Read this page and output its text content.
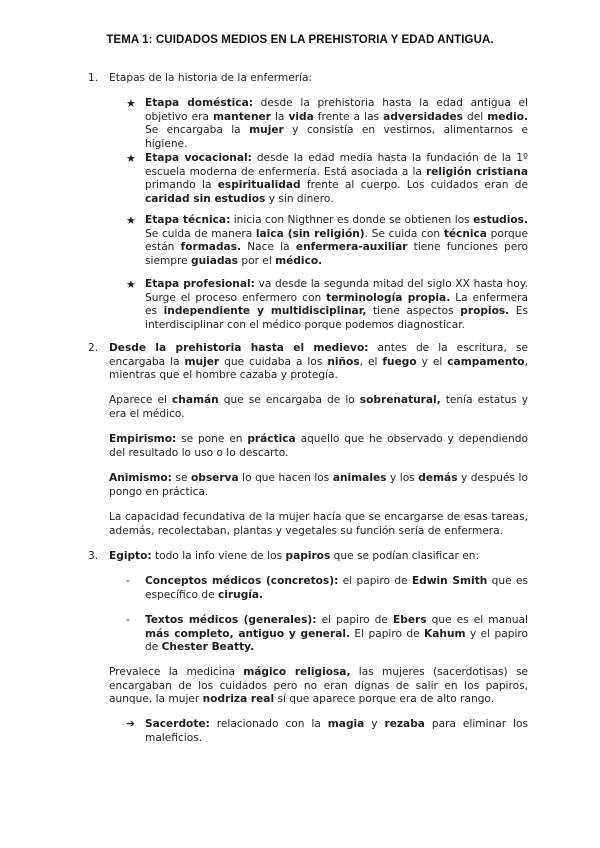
TEMA 1: CUIDADOS MEDIOS EN LA PREHISTORIA Y EDAD ANTIGUA.
1. Etapas de la historia de la enfermería:
★ Etapa doméstica: desde la prehistoria hasta la edad antigua el objetivo era mantener la vida frente a las adversidades del medio. Se encargaba la mujer y consistía en vestirnos, alimentarnos e higiene.

★ Etapa vocacional: desde la edad media hasta la fundación de la 1º escuela moderna de enfermería. Está asociada a la religión cristiana primando la espiritualidad frente al cuerpo. Los cuidados eran de caridad sin estudios y sin dinero.

★ Etapa técnica: inicia con Nigthner es donde se obtienen los estudios. Se cuida de manera laica (sin religión). Se cuida con técnica porque están formadas. Nace la enfermera-auxiliar tiene funciones pero siempre guiadas por el médico.

★ Etapa profesional: va desde la segunda mitad del siglo XX hasta hoy. Surge el proceso enfermero con terminología propia. La enfermera es independiente y multidisciplinar, tiene aspectos propios. Es interdisciplinar con el médico porque podemos diagnosticar.

2. Desde la prehistoria hasta el medievo: antes de la escritura, se encargaba la mujer que cuidaba a los niños, el fuego y el campamento, mientras que el hombre cazaba y protegía.

Aparece el chamán que se encargaba de lo sobrenatural, tenía estatus y era el médico.

Empirismo: se pone en práctica aquello que he observado y dependiendo del resultado lo uso o lo descarto.

Animismo: se observa lo que hacen los animales y los demás y después lo pongo en práctica.

La capacidad fecundativa de la mujer hacía que se encargarse de esas tareas, además, recolectaban, plantas y vegetales su función sería de enfermera.

3. Egipto: todo la info viene de los papiros que se podían clasificar en:

- Conceptos médicos (concretos): el papiro de Edwin Smith que es específico de cirugía.

- Textos médicos (generales): el papiro de Ebers que es el manual más completo, antiguo y general. El papiro de Kahum y el papiro de Chester Beatty.

Prevalece la medicina mágico religiosa, las mujeres (sacerdotisas) se encargaban de los cuidados pero no eran dignas de salir en los papiros, aunque, la mujer nodriza real sí que aparece porque era de alto rango.

➔ Sacerdote: relacionado con la magia y rezaba para eliminar los maleficios.
